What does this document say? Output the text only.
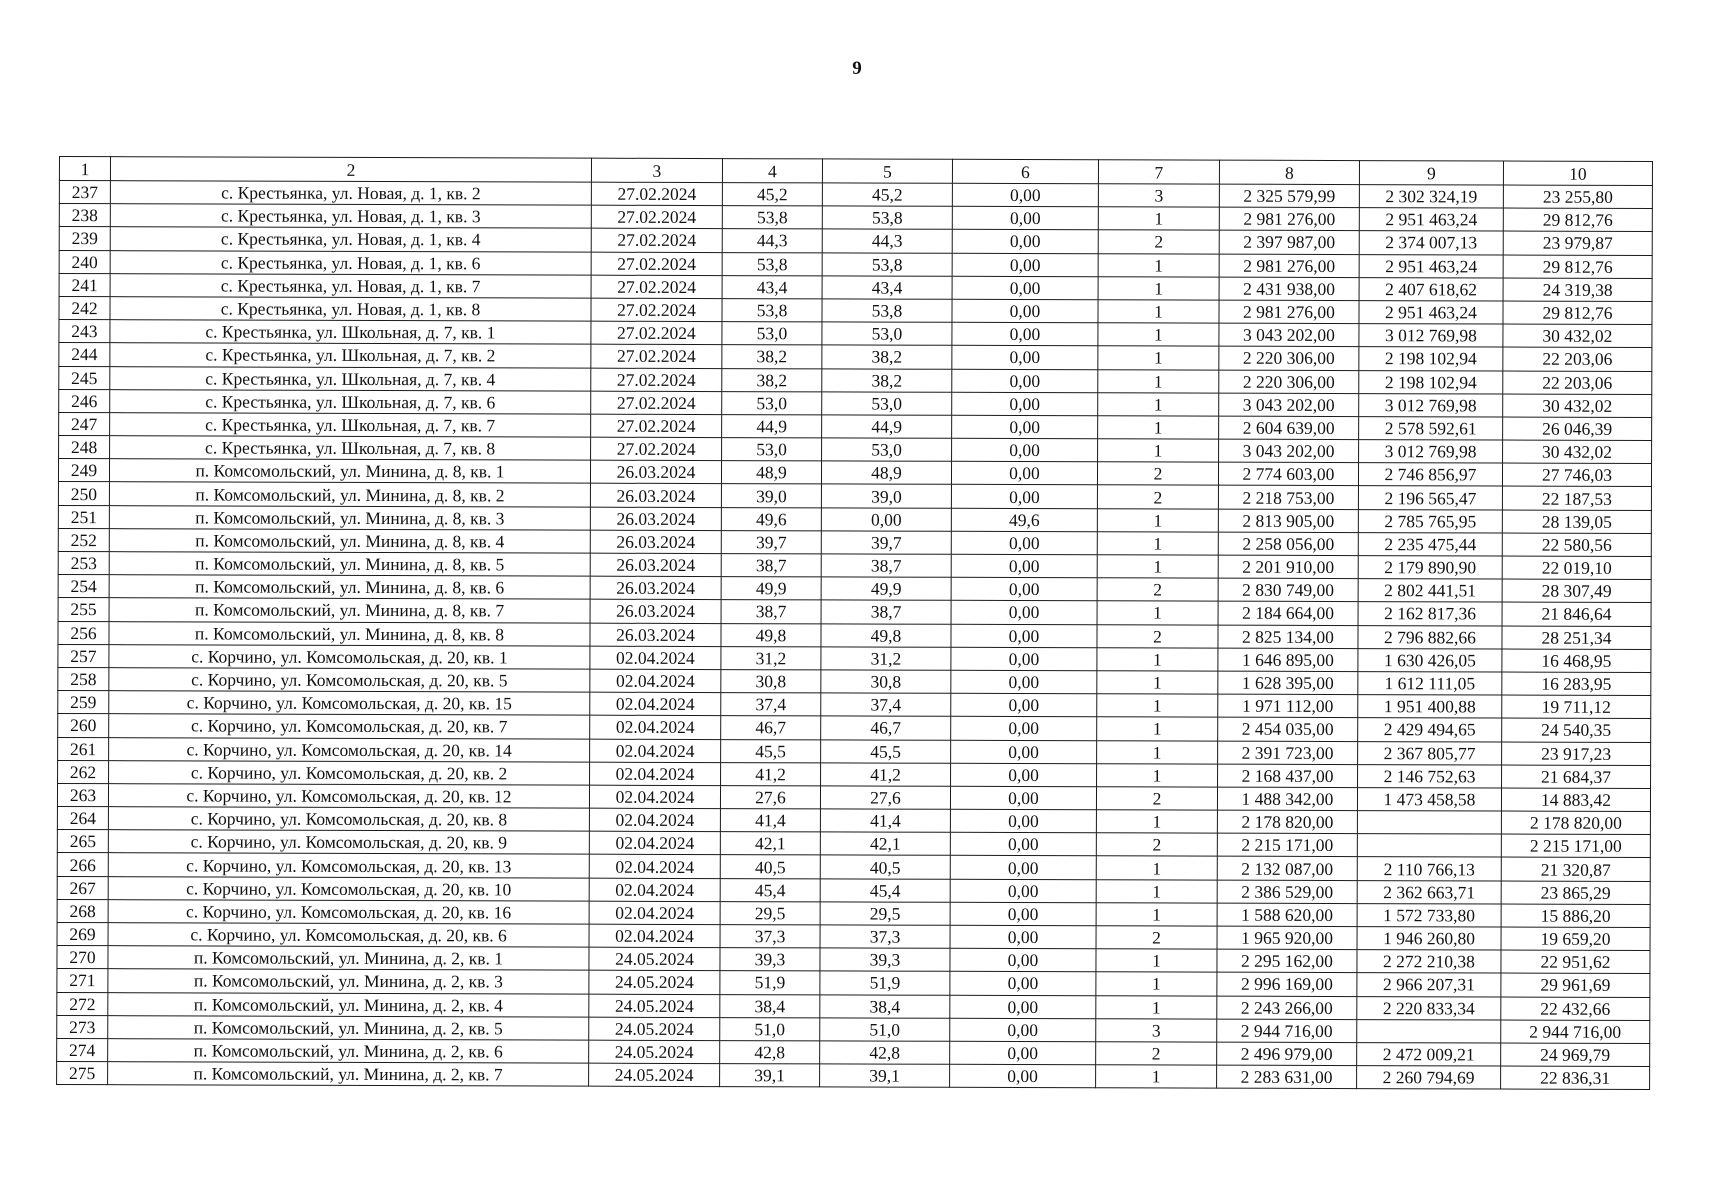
9
1	2	3	4	5	6	7	8	9	10
237	с. Крестьянка, ул. Новая, д. 1, кв. 2	27.02.2024	45,2	45,2	0,00	3	2 325 579,99	2 302 324,19	23 255,80
238	с. Крестьянка, ул. Новая, д. 1, кв. 3	27.02.2024	53,8	53,8	0,00	1	2 981 276,00	2 951 463,24	29 812,76
239	с. Крестьянка, ул. Новая, д. 1, кв. 4	27.02.2024	44,3	44,3	0,00	2	2 397 987,00	2 374 007,13	23 979,87
240	с. Крестьянка, ул. Новая, д. 1, кв. 6	27.02.2024	53,8	53,8	0,00	1	2 981 276,00	2 951 463,24	29 812,76
241	с. Крестьянка, ул. Новая, д. 1, кв. 7	27.02.2024	43,4	43,4	0,00	1	2 431 938,00	2 407 618,62	24 319,38
242	с. Крестьянка, ул. Новая, д. 1, кв. 8	27.02.2024	53,8	53,8	0,00	1	2 981 276,00	2 951 463,24	29 812,76
243	с. Крестьянка, ул. Школьная, д. 7, кв. 1	27.02.2024	53,0	53,0	0,00	1	3 043 202,00	3 012 769,98	30 432,02
244	с. Крестьянка, ул. Школьная, д. 7, кв. 2	27.02.2024	38,2	38,2	0,00	1	2 220 306,00	2 198 102,94	22 203,06
245	с. Крестьянка, ул. Школьная, д. 7, кв. 4	27.02.2024	38,2	38,2	0,00	1	2 220 306,00	2 198 102,94	22 203,06
246	с. Крестьянка, ул. Школьная, д. 7, кв. 6	27.02.2024	53,0	53,0	0,00	1	3 043 202,00	3 012 769,98	30 432,02
247	с. Крестьянка, ул. Школьная, д. 7, кв. 7	27.02.2024	44,9	44,9	0,00	1	2 604 639,00	2 578 592,61	26 046,39
248	с. Крестьянка, ул. Школьная, д. 7, кв. 8	27.02.2024	53,0	53,0	0,00	1	3 043 202,00	3 012 769,98	30 432,02
249	п. Комсомольский, ул. Минина, д. 8, кв. 1	26.03.2024	48,9	48,9	0,00	2	2 774 603,00	2 746 856,97	27 746,03
250	п. Комсомольский, ул. Минина, д. 8, кв. 2	26.03.2024	39,0	39,0	0,00	2	2 218 753,00	2 196 565,47	22 187,53
251	п. Комсомольский, ул. Минина, д. 8, кв. 3	26.03.2024	49,6	0,00	49,6	1	2 813 905,00	2 785 765,95	28 139,05
252	п. Комсомольский, ул. Минина, д. 8, кв. 4	26.03.2024	39,7	39,7	0,00	1	2 258 056,00	2 235 475,44	22 580,56
253	п. Комсомольский, ул. Минина, д. 8, кв. 5	26.03.2024	38,7	38,7	0,00	1	2 201 910,00	2 179 890,90	22 019,10
254	п. Комсомольский, ул. Минина, д. 8, кв. 6	26.03.2024	49,9	49,9	0,00	2	2 830 749,00	2 802 441,51	28 307,49
255	п. Комсомольский, ул. Минина, д. 8, кв. 7	26.03.2024	38,7	38,7	0,00	1	2 184 664,00	2 162 817,36	21 846,64
256	п. Комсомольский, ул. Минина, д. 8, кв. 8	26.03.2024	49,8	49,8	0,00	2	2 825 134,00	2 796 882,66	28 251,34
257	с. Корчино, ул. Комсомольская, д. 20, кв. 1	02.04.2024	31,2	31,2	0,00	1	1 646 895,00	1 630 426,05	16 468,95
258	с. Корчино, ул. Комсомольская, д. 20, кв. 5	02.04.2024	30,8	30,8	0,00	1	1 628 395,00	1 612 111,05	16 283,95
259	с. Корчино, ул. Комсомольская, д. 20, кв. 15	02.04.2024	37,4	37,4	0,00	1	1 971 112,00	1 951 400,88	19 711,12
260	с. Корчино, ул. Комсомольская, д. 20, кв. 7	02.04.2024	46,7	46,7	0,00	1	2 454 035,00	2 429 494,65	24 540,35
261	с. Корчино, ул. Комсомольская, д. 20, кв. 14	02.04.2024	45,5	45,5	0,00	1	2 391 723,00	2 367 805,77	23 917,23
262	с. Корчино, ул. Комсомольская, д. 20, кв. 2	02.04.2024	41,2	41,2	0,00	1	2 168 437,00	2 146 752,63	21 684,37
263	с. Корчино, ул. Комсомольская, д. 20, кв. 12	02.04.2024	27,6	27,6	0,00	2	1 488 342,00	1 473 458,58	14 883,42
264	с. Корчино, ул. Комсомольская, д. 20, кв. 8	02.04.2024	41,4	41,4	0,00	1	2 178 820,00		2 178 820,00
265	с. Корчино, ул. Комсомольская, д. 20, кв. 9	02.04.2024	42,1	42,1	0,00	2	2 215 171,00		2 215 171,00
266	с. Корчино, ул. Комсомольская, д. 20, кв. 13	02.04.2024	40,5	40,5	0,00	1	2 132 087,00	2 110 766,13	21 320,87
267	с. Корчино, ул. Комсомольская, д. 20, кв. 10	02.04.2024	45,4	45,4	0,00	1	2 386 529,00	2 362 663,71	23 865,29
268	с. Корчино, ул. Комсомольская, д. 20, кв. 16	02.04.2024	29,5	29,5	0,00	1	1 588 620,00	1 572 733,80	15 886,20
269	с. Корчино, ул. Комсомольская, д. 20, кв. 6	02.04.2024	37,3	37,3	0,00	2	1 965 920,00	1 946 260,80	19 659,20
270	п. Комсомольский, ул. Минина, д. 2, кв. 1	24.05.2024	39,3	39,3	0,00	1	2 295 162,00	2 272 210,38	22 951,62
271	п. Комсомольский, ул. Минина, д. 2, кв. 3	24.05.2024	51,9	51,9	0,00	1	2 996 169,00	2 966 207,31	29 961,69
272	п. Комсомольский, ул. Минина, д. 2, кв. 4	24.05.2024	38,4	38,4	0,00	1	2 243 266,00	2 220 833,34	22 432,66
273	п. Комсомольский, ул. Минина, д. 2, кв. 5	24.05.2024	51,0	51,0	0,00	3	2 944 716,00		2 944 716,00
274	п. Комсомольский, ул. Минина, д. 2, кв. 6	24.05.2024	42,8	42,8	0,00	2	2 496 979,00	2 472 009,21	24 969,79
275	п. Комсомольский, ул. Минина, д. 2, кв. 7	24.05.2024	39,1	39,1	0,00	1	2 283 631,00	2 260 794,69	22 836,31
